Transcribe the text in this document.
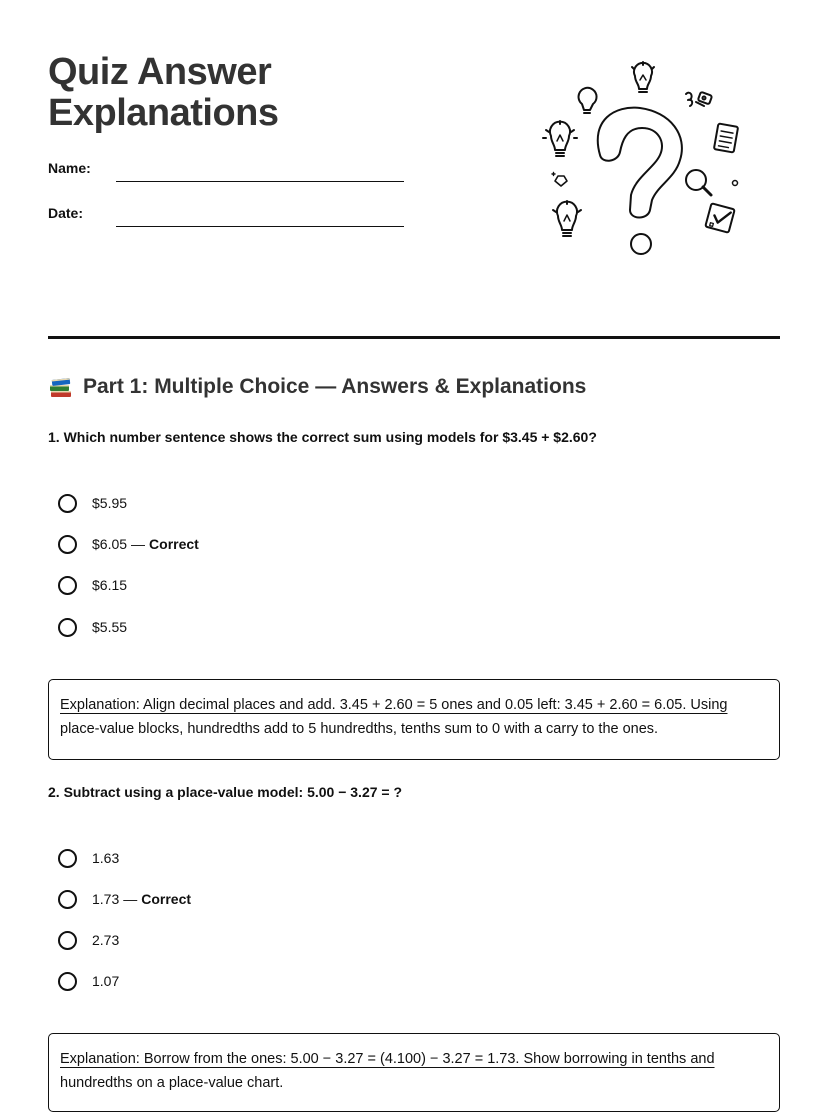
Quiz Answer
Explanations
Name:
Date:
Part 1: Multiple Choice — Answers & Explanations
1. Which number sentence shows the correct sum using models for $3.45 + $2.60?
$5.95
$6.05 — Correct
$6.15
$5.55
Explanation: Align decimal places and add. 3.45 + 2.60 = 5 ones and 0.05 left: 3.45 + 2.60 = 6.05. Using
place-value blocks, hundredths add to 5 hundredths, tenths sum to 0 with a carry to the ones.
2. Subtract using a place-value model: 5.00 − 3.27 = ?
1.63
1.73 — Correct
2.73
1.07
Explanation: Borrow from the ones: 5.00 − 3.27 = (4.100) − 3.27 = 1.73. Show borrowing in tenths and
hundredths on a place-value chart.
